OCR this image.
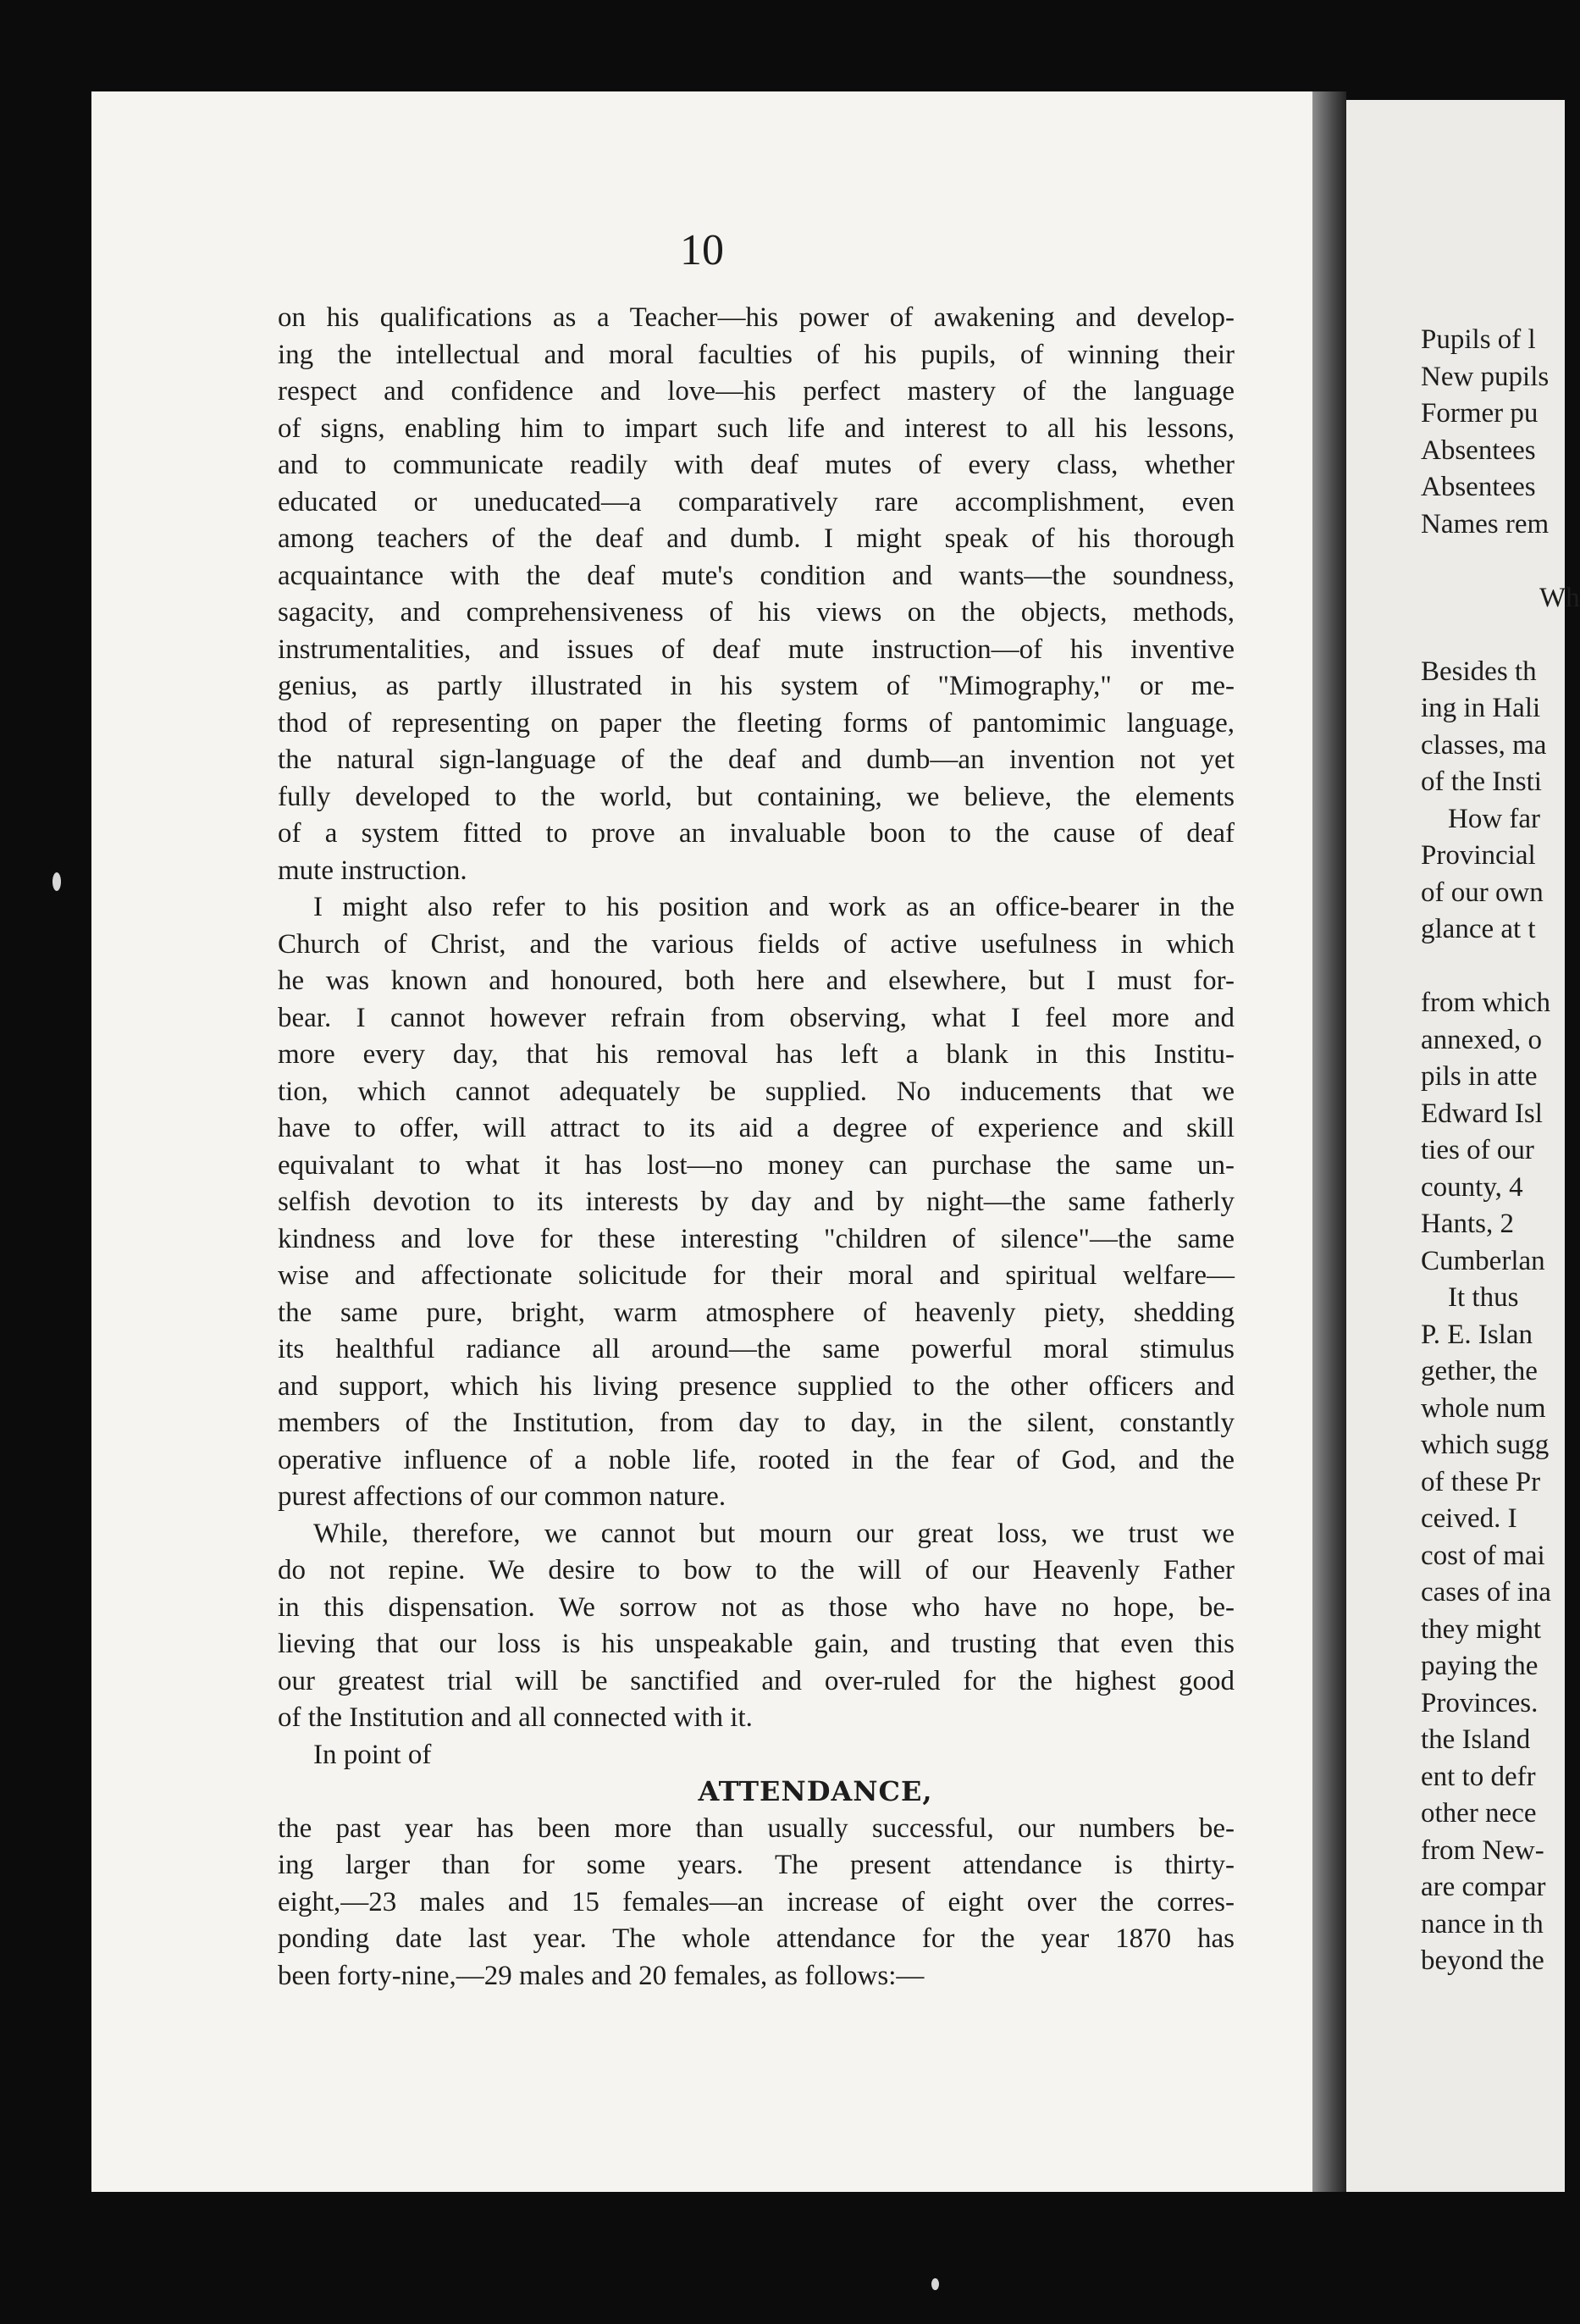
10

on his qualifications as a Teacher—his power of awakening and develop-
ing the intellectual and moral faculties of his pupils, of winning their
respect and confidence and love—his perfect mastery of the language
of signs, enabling him to impart such life and interest to all his lessons,
and to communicate readily with deaf mutes of every class, whether
educated or uneducated—a comparatively rare accomplishment, even
among teachers of the deaf and dumb. I might speak of his thorough
acquaintance with the deaf mute's condition and wants—the soundness,
sagacity, and comprehensiveness of his views on the objects, methods,
instrumentalities, and issues of deaf mute instruction—of his inventive
genius, as partly illustrated in his system of "Mimography," or me-
thod of representing on paper the fleeting forms of pantomimic language,
the natural sign-language of the deaf and dumb—an invention not yet
fully developed to the world, but containing, we believe, the elements
of a system fitted to prove an invaluable boon to the cause of deaf
mute instruction.
I might also refer to his position and work as an office-bearer in the
Church of Christ, and the various fields of active usefulness in which
he was known and honoured, both here and elsewhere, but I must for-
bear. I cannot however refrain from observing, what I feel more and
more every day, that his removal has left a blank in this Institu-
tion, which cannot adequately be supplied. No inducements that we
have to offer, will attract to its aid a degree of experience and skill
equivalant to what it has lost—no money can purchase the same un-
selfish devotion to its interests by day and by night—the same fatherly
kindness and love for these interesting "children of silence"—the same
wise and affectionate solicitude for their moral and spiritual welfare—
the same pure, bright, warm atmosphere of heavenly piety, shedding
its healthful radiance all around—the same powerful moral stimulus
and support, which his living presence supplied to the other officers and
members of the Institution, from day to day, in the silent, constantly
operative influence of a noble life, rooted in the fear of God, and the
purest affections of our common nature.
While, therefore, we cannot but mourn our great loss, we trust we
do not repine. We desire to bow to the will of our Heavenly Father
in this dispensation. We sorrow not as those who have no hope, be-
lieving that our loss is his unspeakable gain, and trusting that even this
our greatest trial will be sanctified and over-ruled for the highest good
of the Institution and all connected with it.
In point of
ATTENDANCE,
the past year has been more than usually successful, our numbers be-
ing larger than for some years. The present attendance is thirty-
eight,—23 males and 15 females—an increase of eight over the corres-
ponding date last year. The whole attendance for the year 1870 has
been forty-nine,—29 males and 20 females, as follows:—
Pupils of l
New pupils
Former pu
Absentees
Absentees
Names rem
Wh
Besides th
ing in Hali
classes, ma
of the Insti
How far
Provincial
of our own
glance at t
from which
annexed, o
pils in atte
Edward Isl
ties of our
county, 4
Hants, 2
Cumberlan
It thus
P. E. Islan
gether, the
whole num
which sugg
of these Pr
ceived. I
cost of mai
cases of ina
they might
paying the
Provinces.
the Island
ent to defr
other nece
from New-
are compar
nance in th
beyond the
